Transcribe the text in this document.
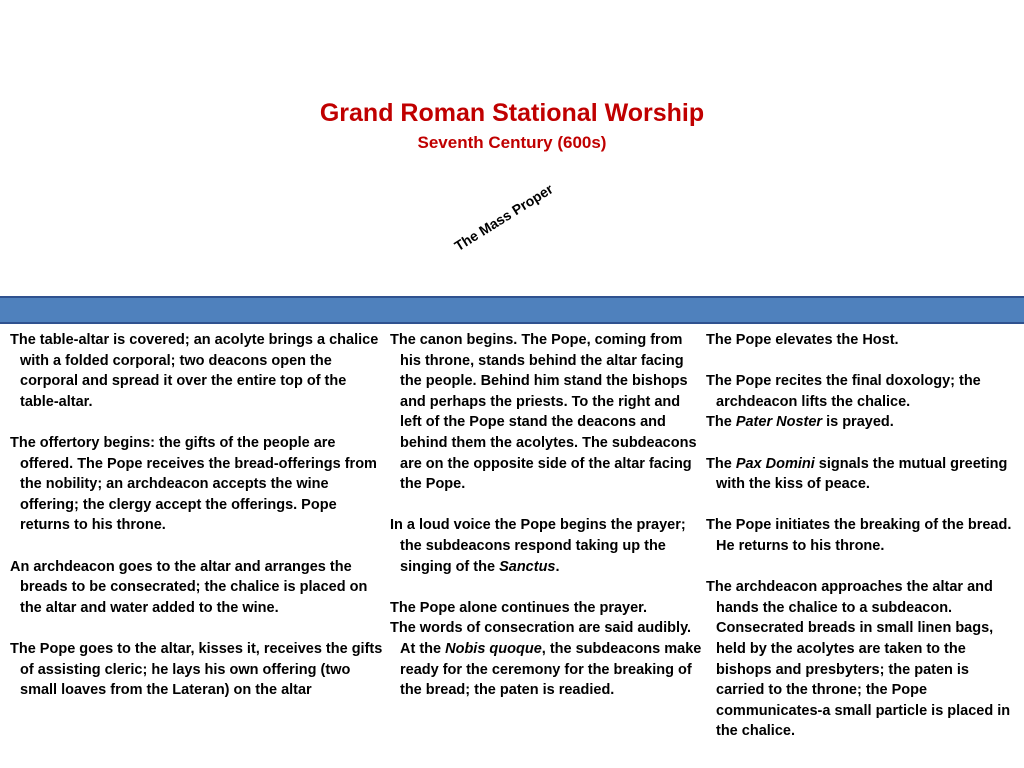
Grand Roman Stational Worship
Seventh Century (600s)
The Mass Proper

The table-altar is covered; an acolyte brings a chalice with a folded corporal; two deacons open the corporal and spread it over the entire top of the table-altar.

The offertory begins: the gifts of the people are offered. The Pope receives the bread-offerings from the nobility; an archdeacon accepts the wine offering; the clergy accept the offerings. Pope returns to his throne.

An archdeacon goes to the altar and arranges the breads to be consecrated; the chalice is placed on the altar and water added to the wine.

The Pope goes to the altar, kisses it, receives the gifts of assisting cleric; he lays his own offering (two small loaves from the Lateran) on the altar

The canon begins. The Pope, coming from his throne, stands behind the altar facing the people. Behind him stand the bishops and perhaps the priests. To the right and left of the Pope stand the deacons and behind them the acolytes. The subdeacons are on the opposite side of the altar facing the Pope.

In a loud voice the Pope begins the prayer; the subdeacons respond taking up the singing of the Sanctus.

The Pope alone continues the prayer.

The words of consecration are said audibly. At the Nobis quoque, the subdeacons make ready for the ceremony for the breaking of the bread; the paten is readied.

The Pope elevates the Host.

The Pope recites the final doxology; the archdeacon lifts the chalice.

The Pater Noster is prayed.

The Pax Domini signals the mutual greeting with the kiss of peace.

The Pope initiates the breaking of the bread. He returns to his throne.

The archdeacon approaches the altar and hands the chalice to a subdeacon. Consecrated breads in small linen bags, held by the acolytes are taken to the bishops and presbyters; the paten is carried to the throne; the Pope communicates-a small particle is placed in the chalice.
